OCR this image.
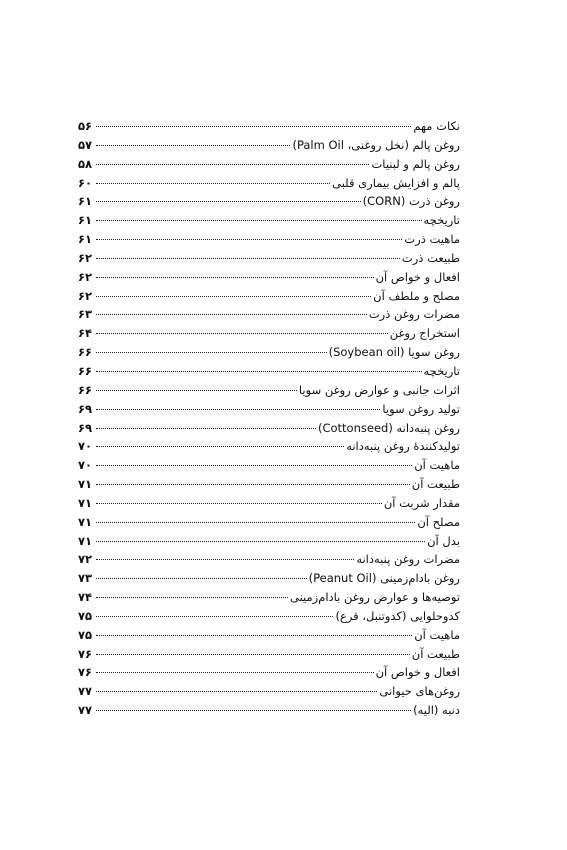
نکات مهم
۵۶
روغن پالم (نخل روغنی، Palm Oil)
۵۷
روغن پالم و لبنیات
۵۸
پالم و افزایش بیماری قلبی
۶۰
روغن ذرت (CORN)
۶۱
تاریخچه
۶۱
ماهیت ذرت
۶۱
طبیعت ذرت
۶۲
افعال و خواص آن
۶۲
مصلح و ملطف آن
۶۲
مضرات روغن ذرت
۶۳
استخراج روغن
۶۴
روغن سویا (Soybean oil)
۶۶
تاریخچه
۶۶
اثرات جانبی و عوارض روغن سویا
۶۶
تولید روغن سویا
۶۹
روغن پنبه‌دانه (Cottonseed)
۶۹
تولیدکنندهٔ روغن پنبه‌دانه
۷۰
ماهیت آن
۷۰
طبیعت آن
۷۱
مقدار شربت آن
۷۱
مصلح آن
۷۱
بدل آن
۷۱
مضرات روغن پنبه‌دانه
۷۲
روغن بادام‌زمینی (Peanut Oil)
۷۳
توصیه‌ها و عوارض روغن بادام‌زمینی
۷۴
کدوحلوایی (کدوتنبل، قرع)
۷۵
ماهیت آن
۷۵
طبیعت آن
۷۶
افعال و خواص آن
۷۶
روغن‌های حیوانی
۷۷
دنبه (الیه)
۷۷
